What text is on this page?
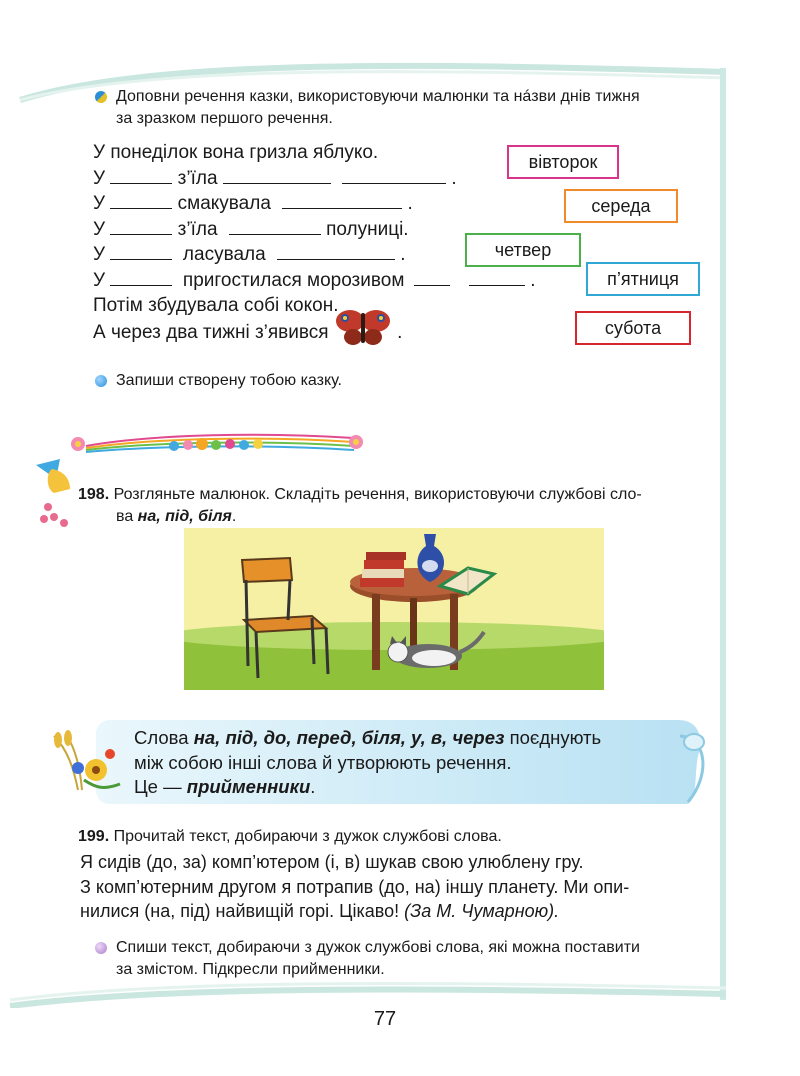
Доповни речення казки, використовуючи малюнки та нáзви днів тижня
за зразком першого речення.
У понеділок вона гризла яблуко.
У	з’їла	.
У	смакувала	.
У	з’їла	полуниці.
У	ласувала	.
У	пригостилася морозивом	.
Потім збудувала собі кокон.
А через два тижні з’явився	.
вівторок
середа
четвер
п’ятниця
субота
Запиши створену тобою казку.
198. Розгляньте малюнок. Складіть речення, використовуючи службові сло-
ва на, під, біля.
Слова на, під, до, перед, біля, у, в, через поєднують
між собою інші слова й утворюють речення.
Це — прийменники.
199. Прочитай текст, добираючи з дужок службові слова.
Я сидів (до, за) комп’ютером (і, в) шукав свою улюблену гру.
З комп’ютерним другом я потрапив (до, на) іншу планету. Ми опи-
нилися (на, під) найвищій горі. Цікаво! (За М. Чумарною).
Спиши текст, добираючи з дужок службові слова, які можна поставити
за змістом. Підкресли прийменники.
77
